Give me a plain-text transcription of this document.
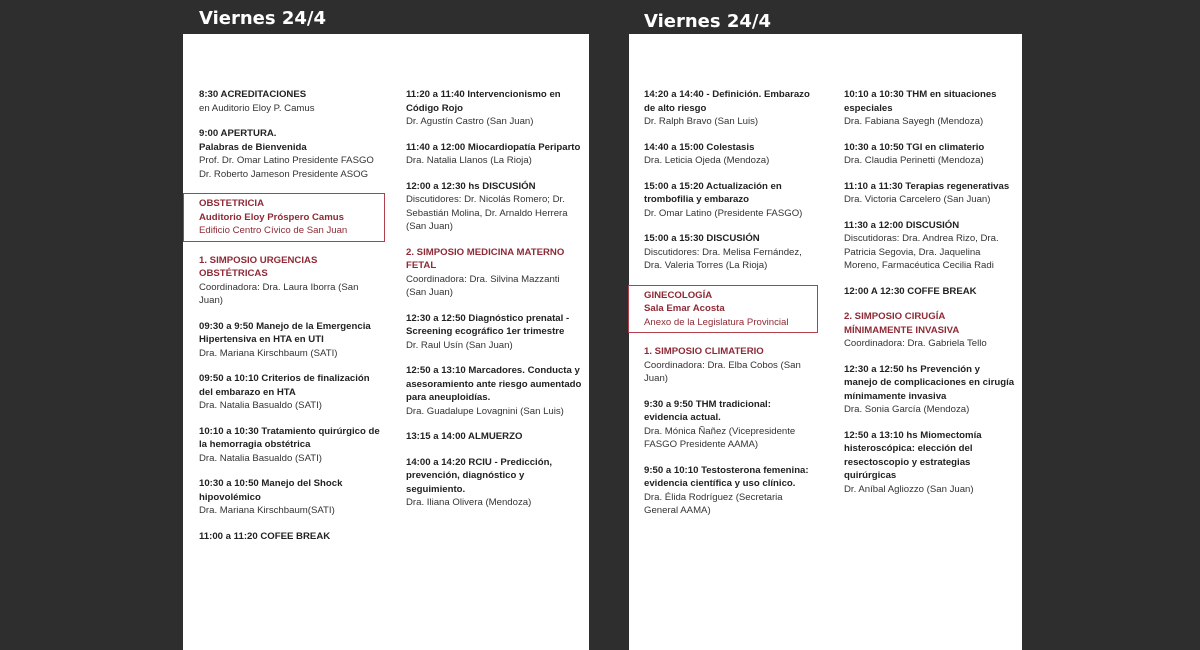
Viernes 24/4
8:30 ACREDITACIONES
en Auditorio Eloy P. Camus
9:00 APERTURA.
Palabras de Bienvenida
Prof. Dr. Omar Latino Presidente FASGO
Dr. Roberto Jameson Presidente ASOG
OBSTETRICIA
Auditorio Eloy Próspero Camus
Edificio Centro Cívico de San Juan
1. SIMPOSIO URGENCIAS OBSTÉTRICAS
Coordinadora: Dra. Laura Iborra (San Juan)
09:30 a 9:50 Manejo de la Emergencia Hipertensiva en HTA en UTI
Dra. Mariana Kirschbaum (SATI)
09:50 a 10:10 Criterios de finalización del embarazo en HTA
Dra. Natalia Basualdo (SATI)
10:10 a 10:30 Tratamiento quirúrgico de la hemorragia obstétrica
Dra. Natalia Basualdo (SATI)
10:30 a 10:50 Manejo del Shock hipovolémico
Dra. Mariana Kirschbaum(SATI)
11:00 a 11:20 COFEE BREAK
11:20 a 11:40 Intervencionismo en Código Rojo
Dr. Agustín Castro (San Juan)
11:40 a 12:00 Miocardiopatía Periparto
Dra. Natalia Llanos (La Rioja)
12:00 a 12:30 hs DISCUSIÓN
Discutidores: Dr. Nicolás Romero; Dr. Sebastián Molina, Dr. Arnaldo Herrera (San Juan)
2. SIMPOSIO MEDICINA MATERNO FETAL
Coordinadora: Dra. Silvina Mazzanti (San Juan)
12:30 a 12:50 Diagnóstico prenatal - Screening ecográfico 1er trimestre
Dr. Raul Usín (San Juan)
12:50 a 13:10 Marcadores. Conducta y asesoramiento ante riesgo aumentado para aneuploidías.
Dra. Guadalupe Lovagnini (San Luis)
13:15 a 14:00 ALMUERZO
14:00 a 14:20 RCIU - Predicción, prevención, diagnóstico y seguimiento.
Dra. Iliana Olivera (Mendoza)
Viernes 24/4
14:20 a 14:40 - Definición. Embarazo de alto riesgo
Dr. Ralph Bravo (San Luis)
14:40 a 15:00 Colestasis
Dra. Leticia Ojeda (Mendoza)
15:00 a 15:20 Actualización en trombofilia y embarazo
Dr. Omar Latino (Presidente FASGO)
15:00 a 15:30 DISCUSIÓN
Discutidores: Dra. Melisa Fernández, Dra. Valeria Torres (La Rioja)
GINECOLOGÍA
Sala Emar Acosta
Anexo de la Legislatura Provincial
1. SIMPOSIO CLIMATERIO
Coordinadora: Dra. Elba Cobos (San Juan)
9:30 a 9:50 THM tradicional: evidencia actual.
Dra. Mónica Ñañez (Vicepresidente FASGO Presidente AAMA)
9:50 a 10:10 Testosterona femenina: evidencia científica y uso clínico.
Dra. Élida Rodríguez (Secretaria General AAMA)
10:10 a 10:30 THM en situaciones especiales
Dra. Fabiana Sayegh (Mendoza)
10:30 a 10:50 TGI en climaterio
Dra. Claudia Perinetti (Mendoza)
11:10 a 11:30 Terapias regenerativas
Dra. Victoria Carcelero (San Juan)
11:30 a 12:00 DISCUSIÓN
Discutidoras: Dra. Andrea Rizo, Dra. Patricia Segovia, Dra. Jaquelina Moreno, Farmacéutica Cecilia Radi
12:00 A 12:30 COFFE BREAK
2. SIMPOSIO CIRUGÍA MÍNIMAMENTE INVASIVA
Coordinadora: Dra. Gabriela Tello
12:30 a 12:50 hs Prevención y manejo de complicaciones en cirugía mínimamente invasiva
Dra. Sonia García (Mendoza)
12:50 a 13:10 hs Miomectomía histeroscópica: elección del resectoscopio y estrategias quirúrgicas
Dr. Aníbal Agliozzo (San Juan)
